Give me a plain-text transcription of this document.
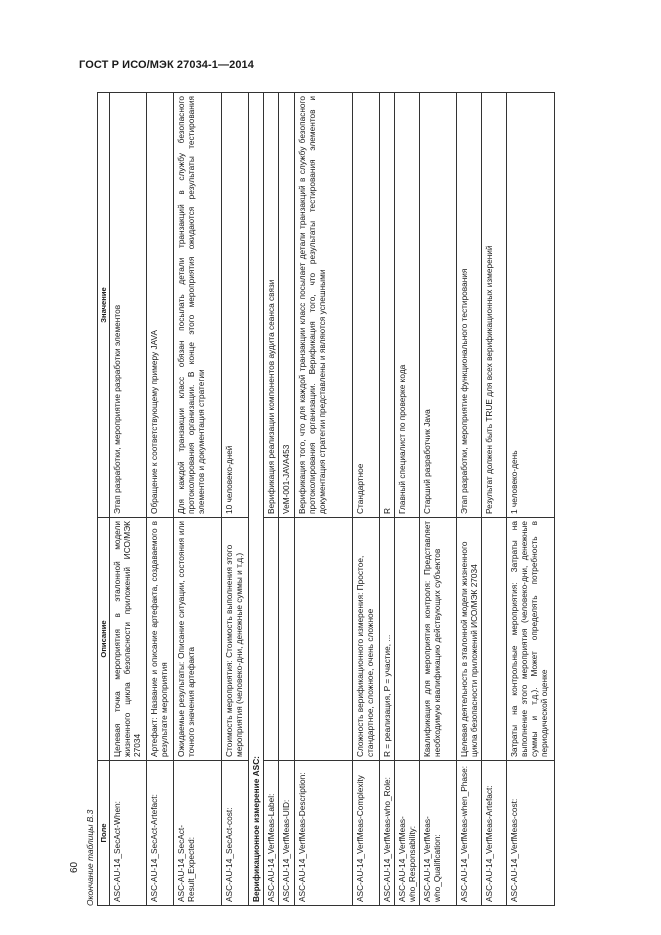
ГОСТ Р ИСО/МЭК 27034-1—2014
60 Окончание таблицы В.3 Поле	Описание	Значение
ASC-AU-14_SecAct-When:	Целевая точка мероприятия в эталонной модели жизненного цикла безопасности приложений ИСО/МЭК 27034	Этап разработки, мероприятие разработки элементов
ASC-AU-14_SecAct-Artefact:	Артефакт: Название и описание артефакта, создаваемого в результате мероприятия	Обращение к соответствующему примеру JAVA
ASC-AU-14_SecAct-Result_Expected:	Ожидаемые результаты: Описание ситуации, состояния или точного значения артефакта	Для каждой транзакции класс обязан посылать детали транзакций в службу безопасного протоколирования организации. В конце этого мероприятия ожидаются результаты тестирования элементов и документация стратегии
ASC-AU-14_SecAct-cost:	Стоимость мероприятия: Стоимость выполнения этого мероприятия (человеко-дни, денежные суммы и т.д.)	10 человеко-дней
Верификационное измерение ASC:		
ASC-AU-14_VerfMeas-Label:		Верификация реализации компонентов аудита сеанса связи
ASC-AU-14_VerfMeas-UID:		VeM-001-JAVA453
ASC-AU-14_VerfMeas-Description:		Верификация того, что для каждой транзакции класс посылает детали транзакций в службу безопасного протоколирования организации. Верификация того, что результаты тестирования элементов и документация стратегии представлены и являются успешными
ASC-AU-14_VerfMeas-Complexity	Сложность верификационного измерения: Простое, стандартное, сложное, очень сложное	Стандартное
ASC-AU-14_VerfMeas-who_Role:	R = реализация, P = участие, ...	R
ASC-AU-14_VerfMeas-who_Responsability:		Главный специалист по проверке кода
ASC-AU-14_VerfMeas-who_Qualification:	Квалификация для мероприятия контроля: Представляет необходимую квалификацию действующих субъектов	Старший разработчик Java
ASC-AU-14_VerfMeas-when_Phase:	Целевая деятельность в эталонной модели жизненного цикла безопасности приложений ИСО/МЭК 27034	Этап разработки, мероприятие функционального тестирования
ASC-AU-14_VerfMeas-Artefact:		Результат должен быть TRUE для всех верификационных измерений
ASC-AU-14_VerfMeas-cost:	Затраты на контрольные мероприятия: Затраты на выполнение этого мероприятия (человеко-дни, денежные суммы и т.д.). Может определять потребность в периодической оценке	1 человеко-день
